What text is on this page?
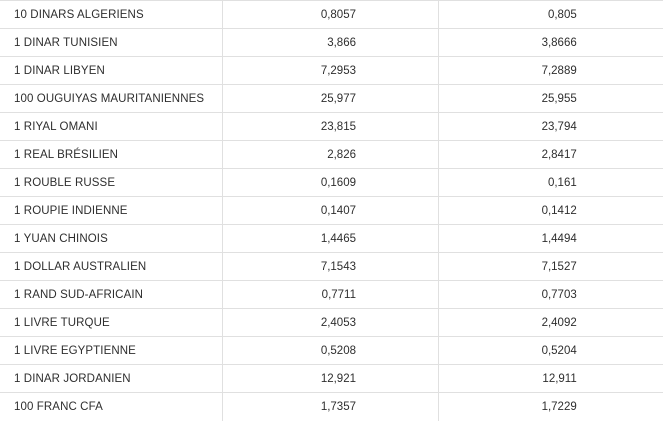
10 DINARS ALGERIENS	0,8057	0,805
1 DINAR TUNISIEN	3,866	3,8666
1 DINAR LIBYEN	7,2953	7,2889
100 OUGUIYAS MAURITANIENNES	25,977	25,955
1 RIYAL OMANI	23,815	23,794
1 REAL BRÉSILIEN	2,826	2,8417
1 ROUBLE RUSSE	0,1609	0,161
1 ROUPIE INDIENNE	0,1407	0,1412
1 YUAN CHINOIS	1,4465	1,4494
1 DOLLAR AUSTRALIEN	7,1543	7,1527
1 RAND SUD-AFRICAIN	0,7711	0,7703
1 LIVRE TURQUE	2,4053	2,4092
1 LIVRE EGYPTIENNE	0,5208	0,5204
1 DINAR JORDANIEN	12,921	12,911
100 FRANC CFA	1,7357	1,7229
